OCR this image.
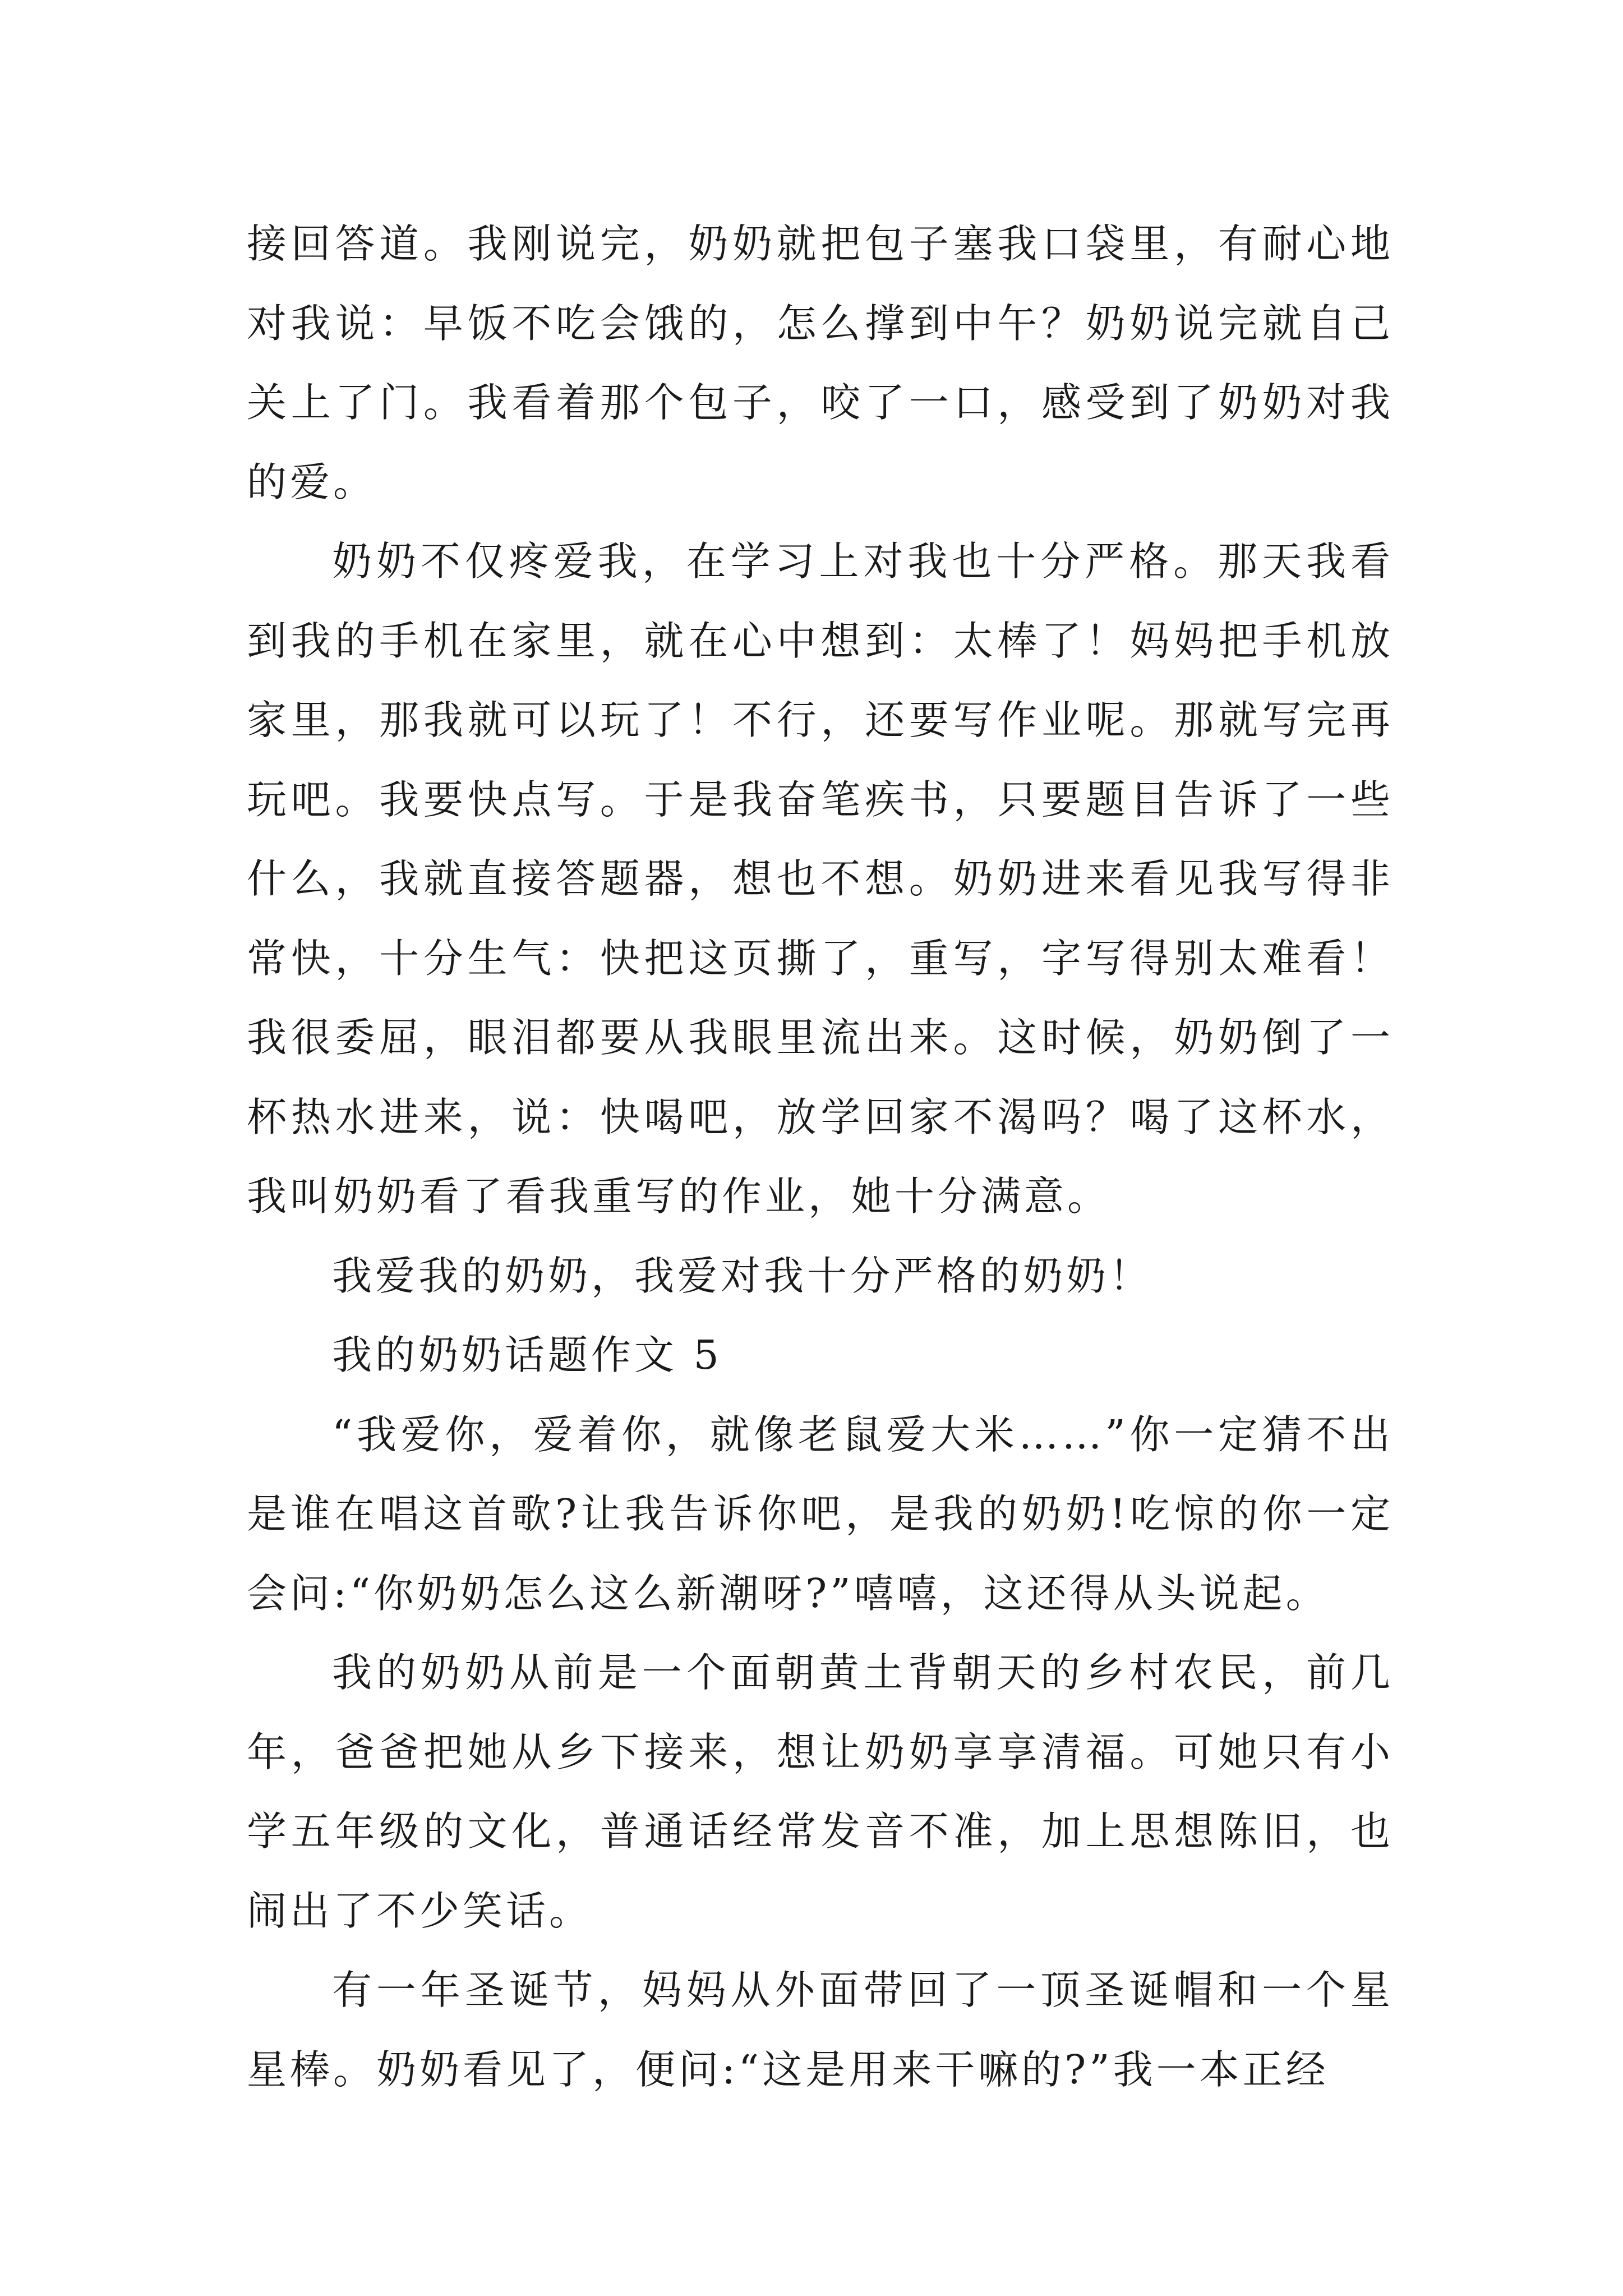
接回答道。我刚说完，奶奶就把包子塞我口袋里，有耐心地对我说：早饭不吃会饿的，怎么撑到中午？奶奶说完就自己关上了门。我看着那个包子，咬了一口，感受到了奶奶对我的爱。

奶奶不仅疼爱我，在学习上对我也十分严格。那天我看到我的手机在家里，就在心中想到：太棒了！妈妈把手机放家里，那我就可以玩了！不行，还要写作业呢。那就写完再玩吧。我要快点写。于是我奋笔疾书，只要题目告诉了一些什么，我就直接答题器，想也不想。奶奶进来看见我写得非常快，十分生气：快把这页撕了，重写，字写得别太难看！我很委屈，眼泪都要从我眼里流出来。这时候，奶奶倒了一杯热水进来，说：快喝吧，放学回家不渴吗？喝了这杯水，我叫奶奶看了看我重写的作业，她十分满意。

我爱我的奶奶，我爱对我十分严格的奶奶！

我的奶奶话题作文 5

“我爱你，爱着你，就像老鼠爱大米……”你一定猜不出是谁在唱这首歌?让我告诉你吧，是我的奶奶!吃惊的你一定会问:“你奶奶怎么这么新潮呀?”嘻嘻，这还得从头说起。

我的奶奶从前是一个面朝黄土背朝天的乡村农民，前几年，爸爸把她从乡下接来，想让奶奶享享清福。可她只有小学五年级的文化，普通话经常发音不准，加上思想陈旧，也闹出了不少笑话。

有一年圣诞节，妈妈从外面带回了一顶圣诞帽和一个星星棒。奶奶看见了，便问:“这是用来干嘛的?”我一本正经
